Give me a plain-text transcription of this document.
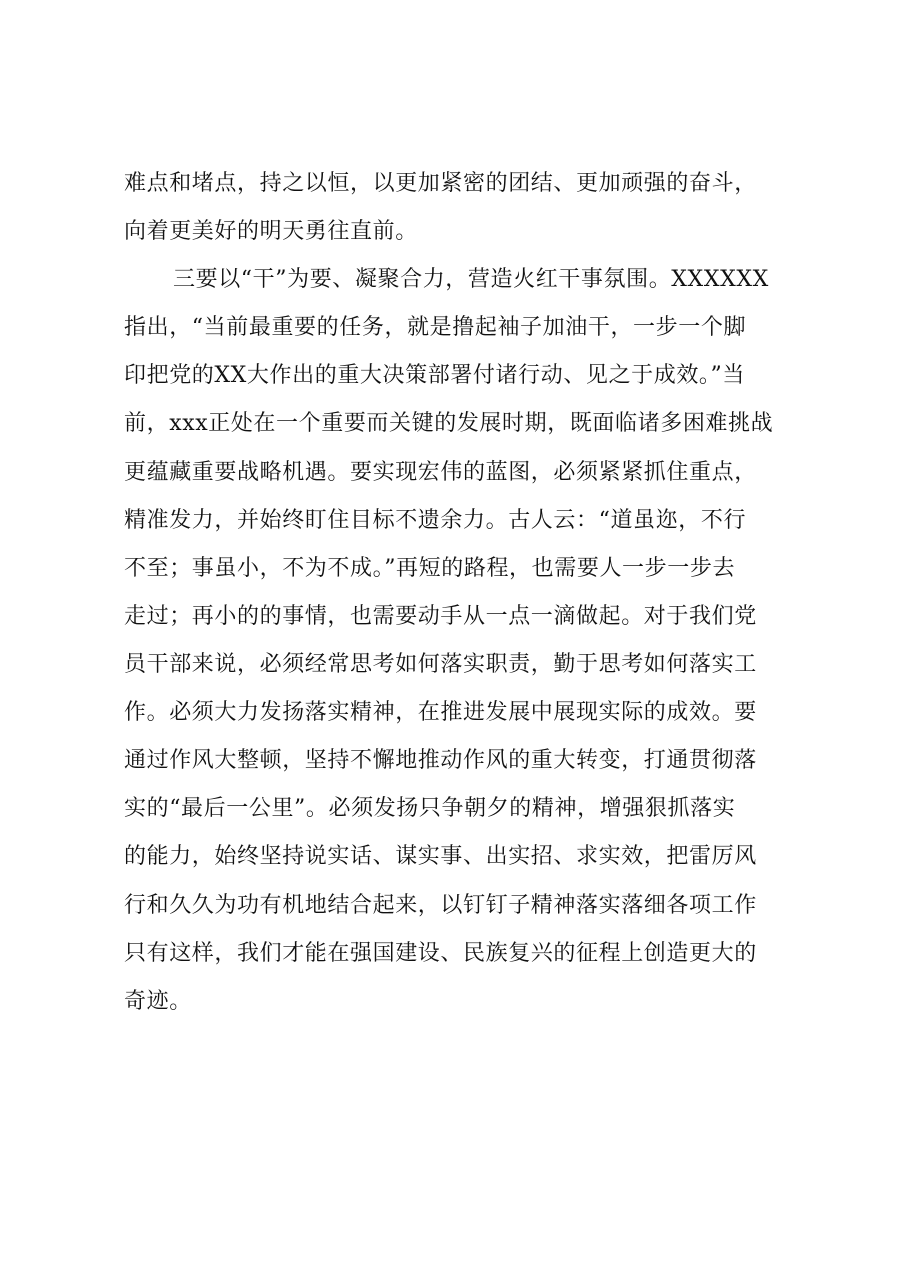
难点和堵点，持之以恒，以更加紧密的团结、更加顽强的奋斗，
向着更美好的明天勇往直前。
三要以“干”为要、凝聚合力，营造火红干事氛围。XXXXXX
指出，“当前最重要的任务，就是撸起袖子加油干，一步一个脚
印把党的XX大作出的重大决策部署付诸行动、见之于成效。”当
前，xxx正处在一个重要而关键的发展时期，既面临诸多困难挑战
更蕴藏重要战略机遇。要实现宏伟的蓝图，必须紧紧抓住重点，
精准发力，并始终盯住目标不遗余力。古人云：“道虽迩，不行
不至；事虽小，不为不成。”再短的路程，也需要人一步一步去
走过；再小的的事情，也需要动手从一点一滴做起。对于我们党
员干部来说，必须经常思考如何落实职责，勤于思考如何落实工
作。必须大力发扬落实精神，在推进发展中展现实际的成效。要
通过作风大整顿，坚持不懈地推动作风的重大转变，打通贯彻落
实的“最后一公里”。必须发扬只争朝夕的精神，增强狠抓落实
的能力，始终坚持说实话、谋实事、出实招、求实效，把雷厉风
行和久久为功有机地结合起来，以钉钉子精神落实落细各项工作
只有这样，我们才能在强国建设、民族复兴的征程上创造更大的
奇迹。
